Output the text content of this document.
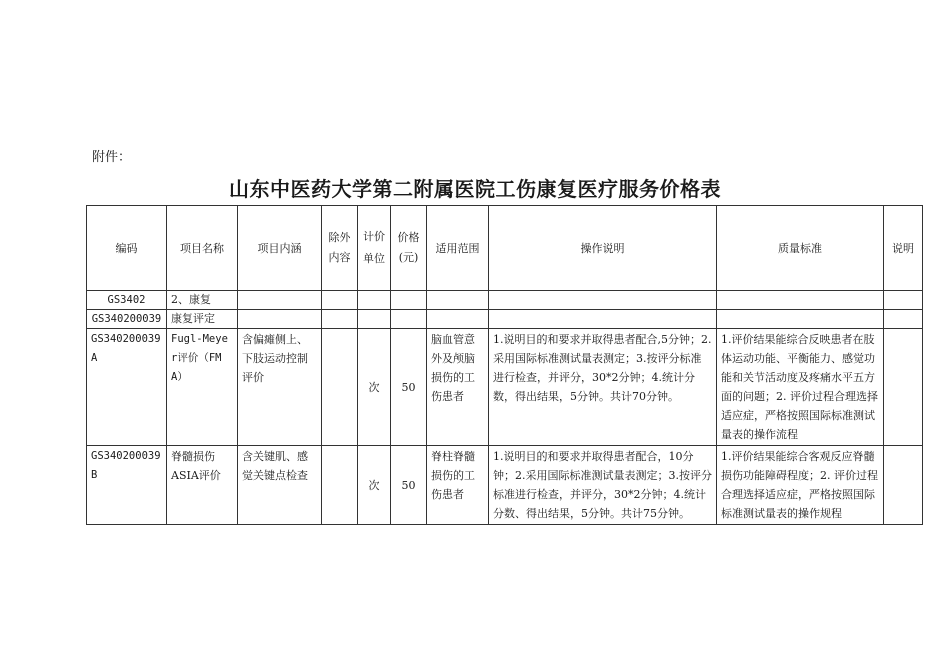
附件：
山东中医药大学第二附属医院工伤康复医疗服务价格表
编码	项目名称	项目内涵	除外内容	计价单位	价格(元)	适用范围	操作说明	质量标准	说明
GS3402	2、康复								
GS340200039	康复评定								
GS340200039A	Fugl-Meyer评价（FMA）	含偏瘫侧上、下肢运动控制评价		次	50	脑血管意外及颅脑损伤的工伤患者	1.说明目的和要求并取得患者配合,5分钟；2.采用国际标准测试量表测定；3.按评分标准进行检查，并评分，30*2分钟；4.统计分数，得出结果，5分钟。共计70分钟。	1.评价结果能综合反映患者在肢体运动功能、平衡能力、感觉功能和关节活动度及疼痛水平五方面的问题；2. 评价过程合理选择适应症，严格按照国际标准测试量表的操作流程	
GS340200039B	脊髓损伤ASIA评价	含关键肌、感觉关键点检查		次	50	脊柱脊髓损伤的工伤患者	1.说明目的和要求并取得患者配合，10分钟；2.采用国际标准测试量表测定；3.按评分标准进行检查，并评分，30*2分钟；4.统计分数、得出结果，5分钟。共计75分钟。	1.评价结果能综合客观反应脊髓损伤功能障碍程度；2. 评价过程合理选择适应症，严格按照国际标准测试量表的操作规程	
